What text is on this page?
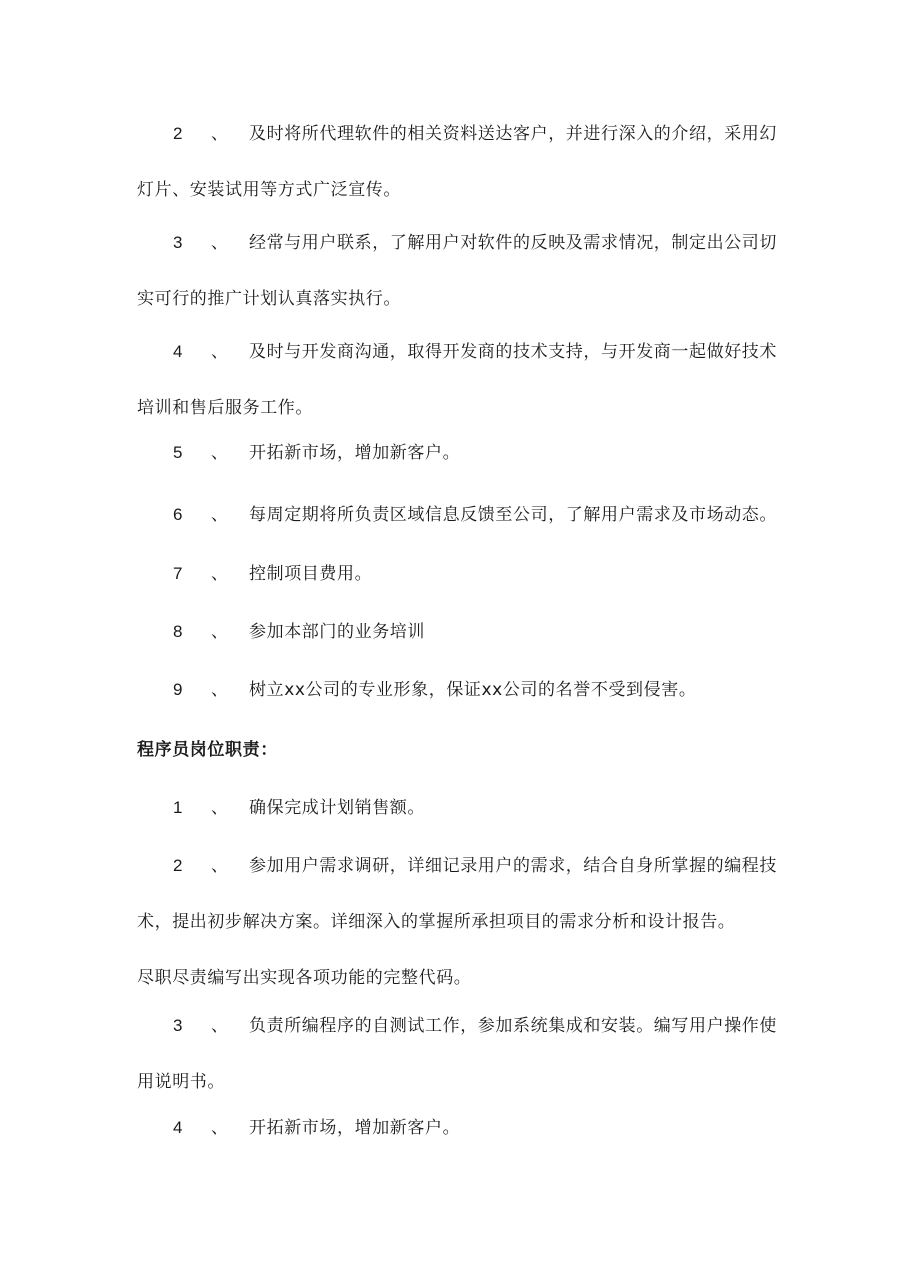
2 、 及时将所代理软件的相关资料送达客户，并进行深入的介绍，采用幻
灯片、安装试用等方式广泛宣传。
3 、 经常与用户联系，了解用户对软件的反映及需求情况，制定出公司切
实可行的推广计划认真落实执行。
4 、 及时与开发商沟通，取得开发商的技术支持，与开发商一起做好技术
培训和售后服务工作。
5 、 开拓新市场，增加新客户。
6 、 每周定期将所负责区域信息反馈至公司，了解用户需求及市场动态。
7 、 控制项目费用。
8 、 参加本部门的业务培训
9 、 树立xx公司的专业形象，保证xx公司的名誉不受到侵害。
程序员岗位职责：
1 、 确保完成计划销售额。
2 、 参加用户需求调研，详细记录用户的需求，结合自身所掌握的编程技
术，提出初步解决方案。详细深入的掌握所承担项目的需求分析和设计报告。
尽职尽责编写出实现各项功能的完整代码。
3 、 负责所编程序的自测试工作，参加系统集成和安装。编写用户操作使
用说明书。
4 、 开拓新市场，增加新客户。
